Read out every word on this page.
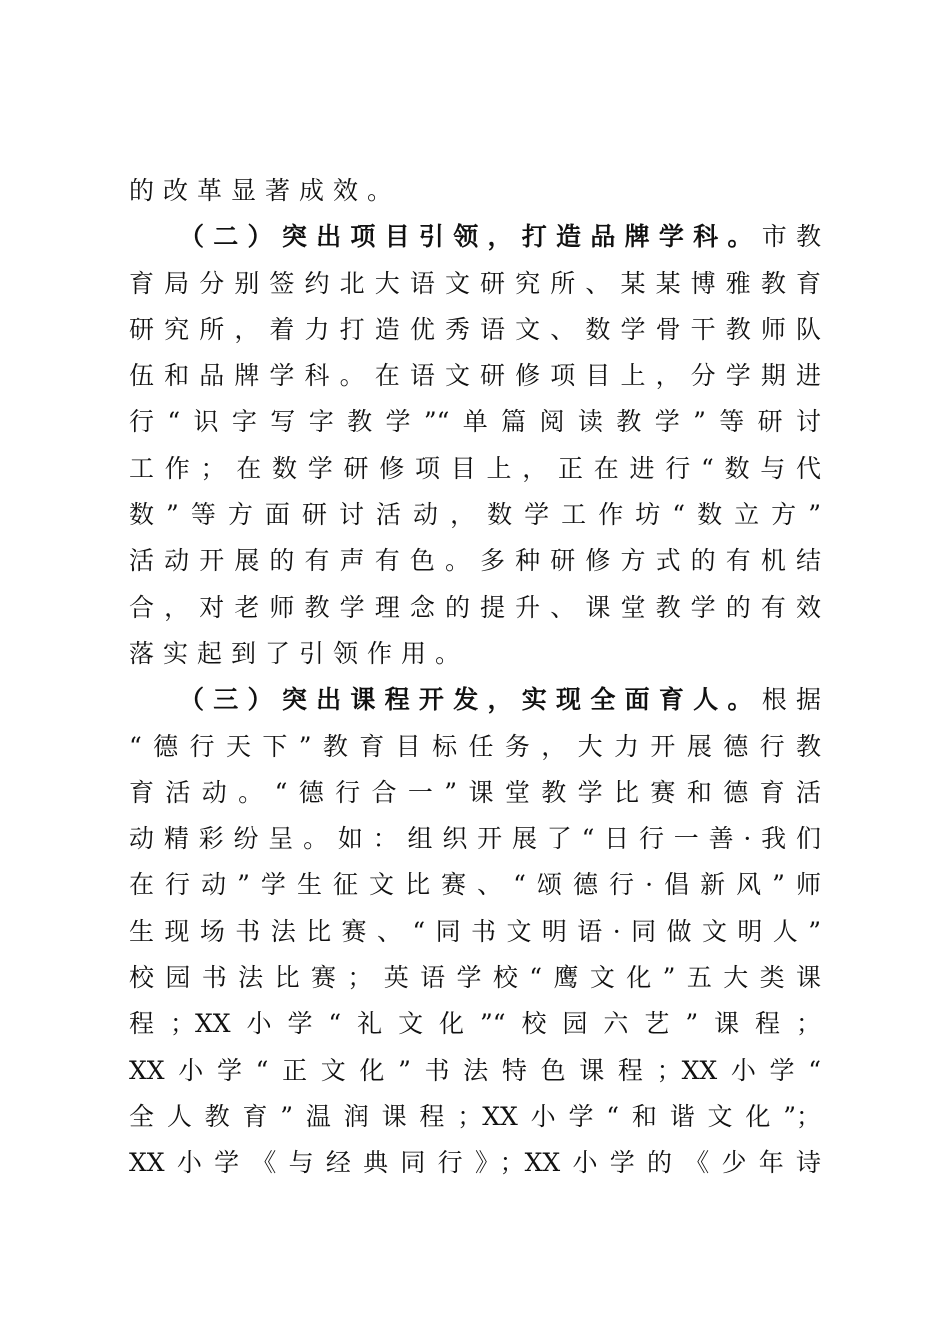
的改革显著成效。
（二）突出项目引领，打造品牌学科。市教
育局分别签约北大语文研究所、某某博雅教育
研究所，着力打造优秀语文、数学骨干教师队
伍和品牌学科。在语文研修项目上，分学期进
行“识字写字教学”“单篇阅读教学”等研讨
工作；在数学研修项目上，正在进行“数与代
数”等方面研讨活动，数学工作坊“数立方”
活动开展的有声有色。多种研修方式的有机结
合，对老师教学理念的提升、课堂教学的有效
落实起到了引领作用。
（三）突出课程开发，实现全面育人。根据
“德行天下”教育目标任务，大力开展德行教
育活动。“德行合一”课堂教学比赛和德育活
动精彩纷呈。如：组织开展了“日行一善·我们
在行动”学生征文比赛、“颂德行·倡新风”师
生现场书法比赛、“同书文明语·同做文明人”
校园书法比赛；英语学校“鹰文化”五大类课
程；XX小学“礼文化”“校园六艺”课程；
XX小学“正文化”书法特色课程；XX小学“
全人教育”温润课程；XX小学“和谐文化”；
XX小学《与经典同行》；XX小学的《少年诗
